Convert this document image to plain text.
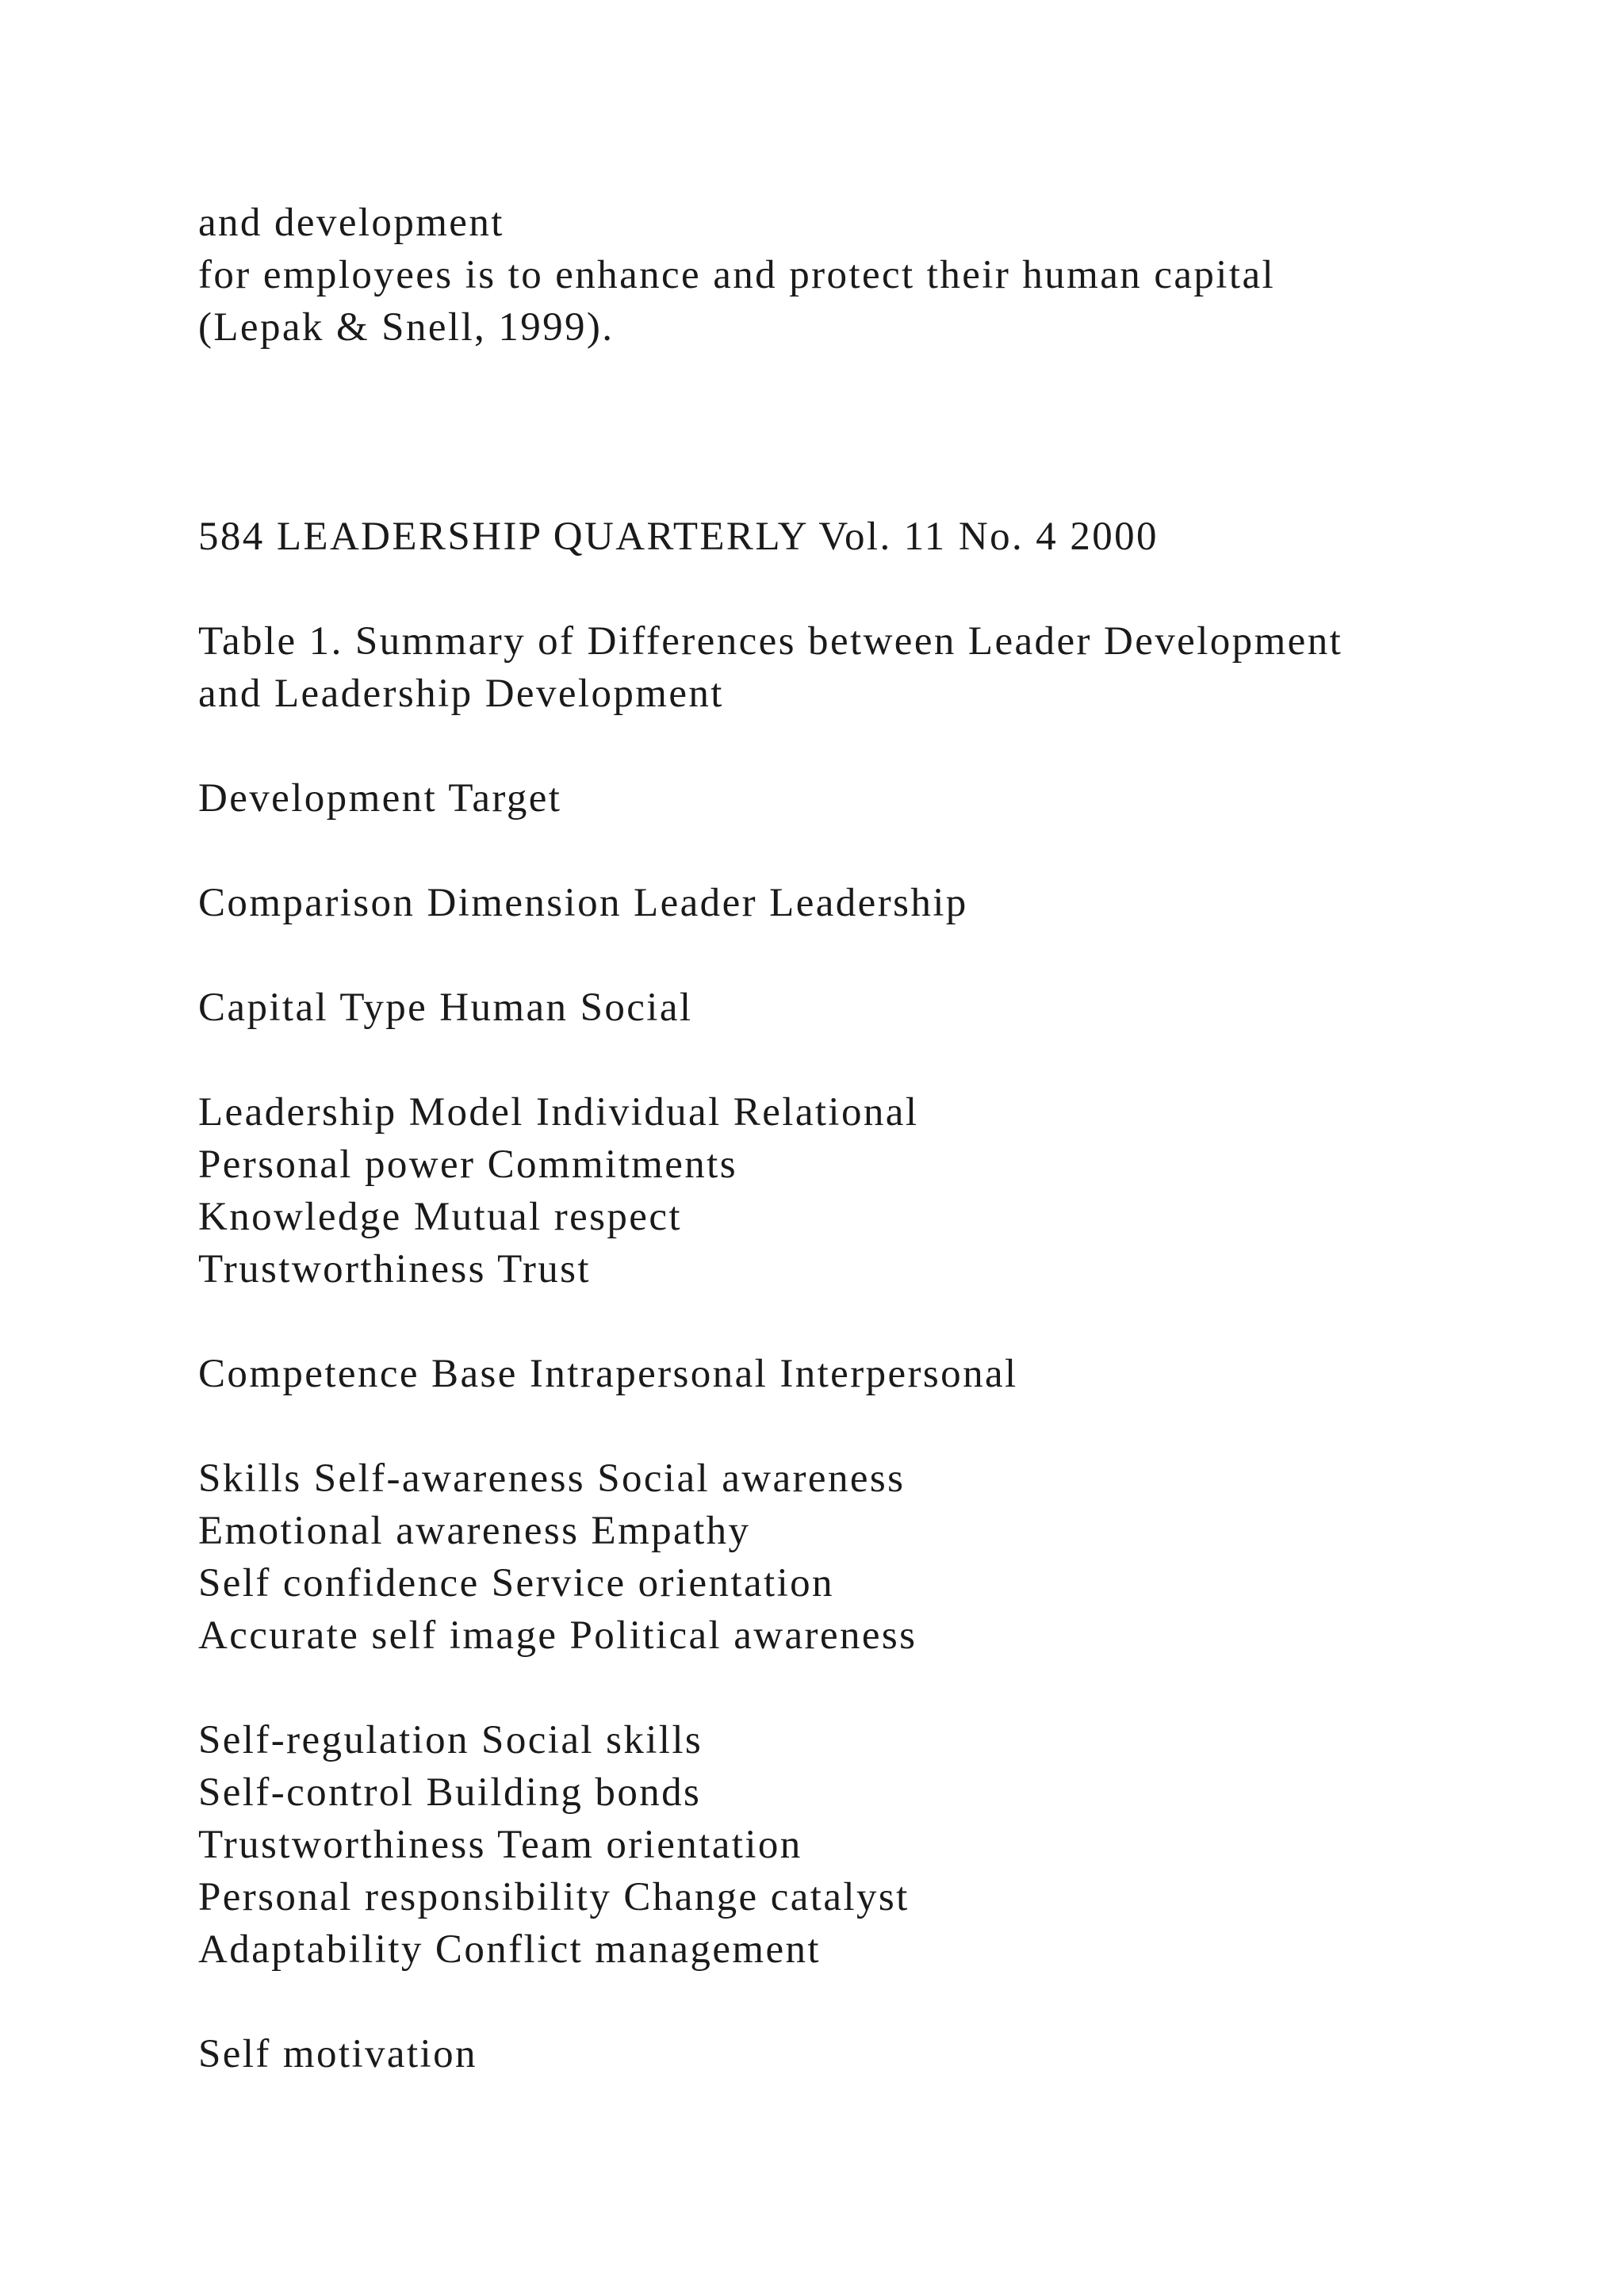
and development
for employees is to enhance and protect their human capital
(Lepak & Snell, 1999).
584 LEADERSHIP QUARTERLY Vol. 11 No. 4 2000
Table 1. Summary of Differences between Leader Development
and Leadership Development
Development Target
Comparison Dimension Leader Leadership
Capital Type Human Social
Leadership Model Individual Relational
Personal power Commitments
Knowledge Mutual respect
Trustworthiness Trust
Competence Base Intrapersonal Interpersonal
Skills Self-awareness Social awareness
Emotional awareness Empathy
Self confidence Service orientation
Accurate self image Political awareness
Self-regulation Social skills
Self-control Building bonds
Trustworthiness Team orientation
Personal responsibility Change catalyst
Adaptability Conflict management
Self motivation
